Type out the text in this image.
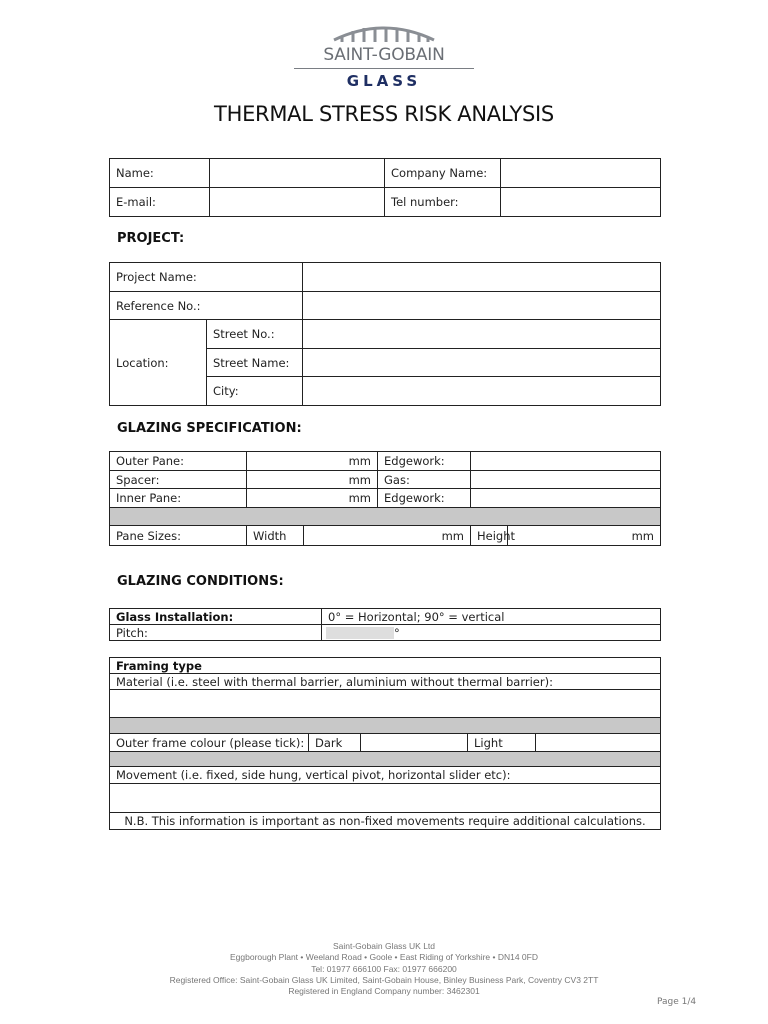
SAINT-GOBAIN
GLASS
THERMAL STRESS RISK ANALYSIS
Name:		Company Name:	
E-mail:		Tel number:	
PROJECT:
Project Name:		
Reference No.:		
Location:	Street No.:	
	Street Name:	
	City:	
GLAZING SPECIFICATION:
Outer Pane:	mm		Edgework:		
Spacer:	mm		Gas:		
Inner Pane:	mm		Edgework:		

Pane Sizes:	Width	mm		Height	mm
GLAZING CONDITIONS:
Glass Installation:	0° = Horizontal; 90° = vertical
Pitch:	°
Framing type
Material (i.e. steel with thermal barrier, aluminium without thermal barrier):

Outer frame colour (please tick):	Dark		Light	

Movement (i.e. fixed, side hung, vertical pivot, horizontal slider etc):

N.B. This information is important as non-fixed movements require additional calculations.
Saint-Gobain Glass UK Ltd
Eggborough Plant • Weeland Road • Goole • East Riding of Yorkshire • DN14 0FD
Tel: 01977 666100 Fax: 01977 666200
Registered Office: Saint-Gobain Glass UK Limited, Saint-Gobain House, Binley Business Park, Coventry CV3 2TT
Registered in England Company number: 3462301
Page 1/4
